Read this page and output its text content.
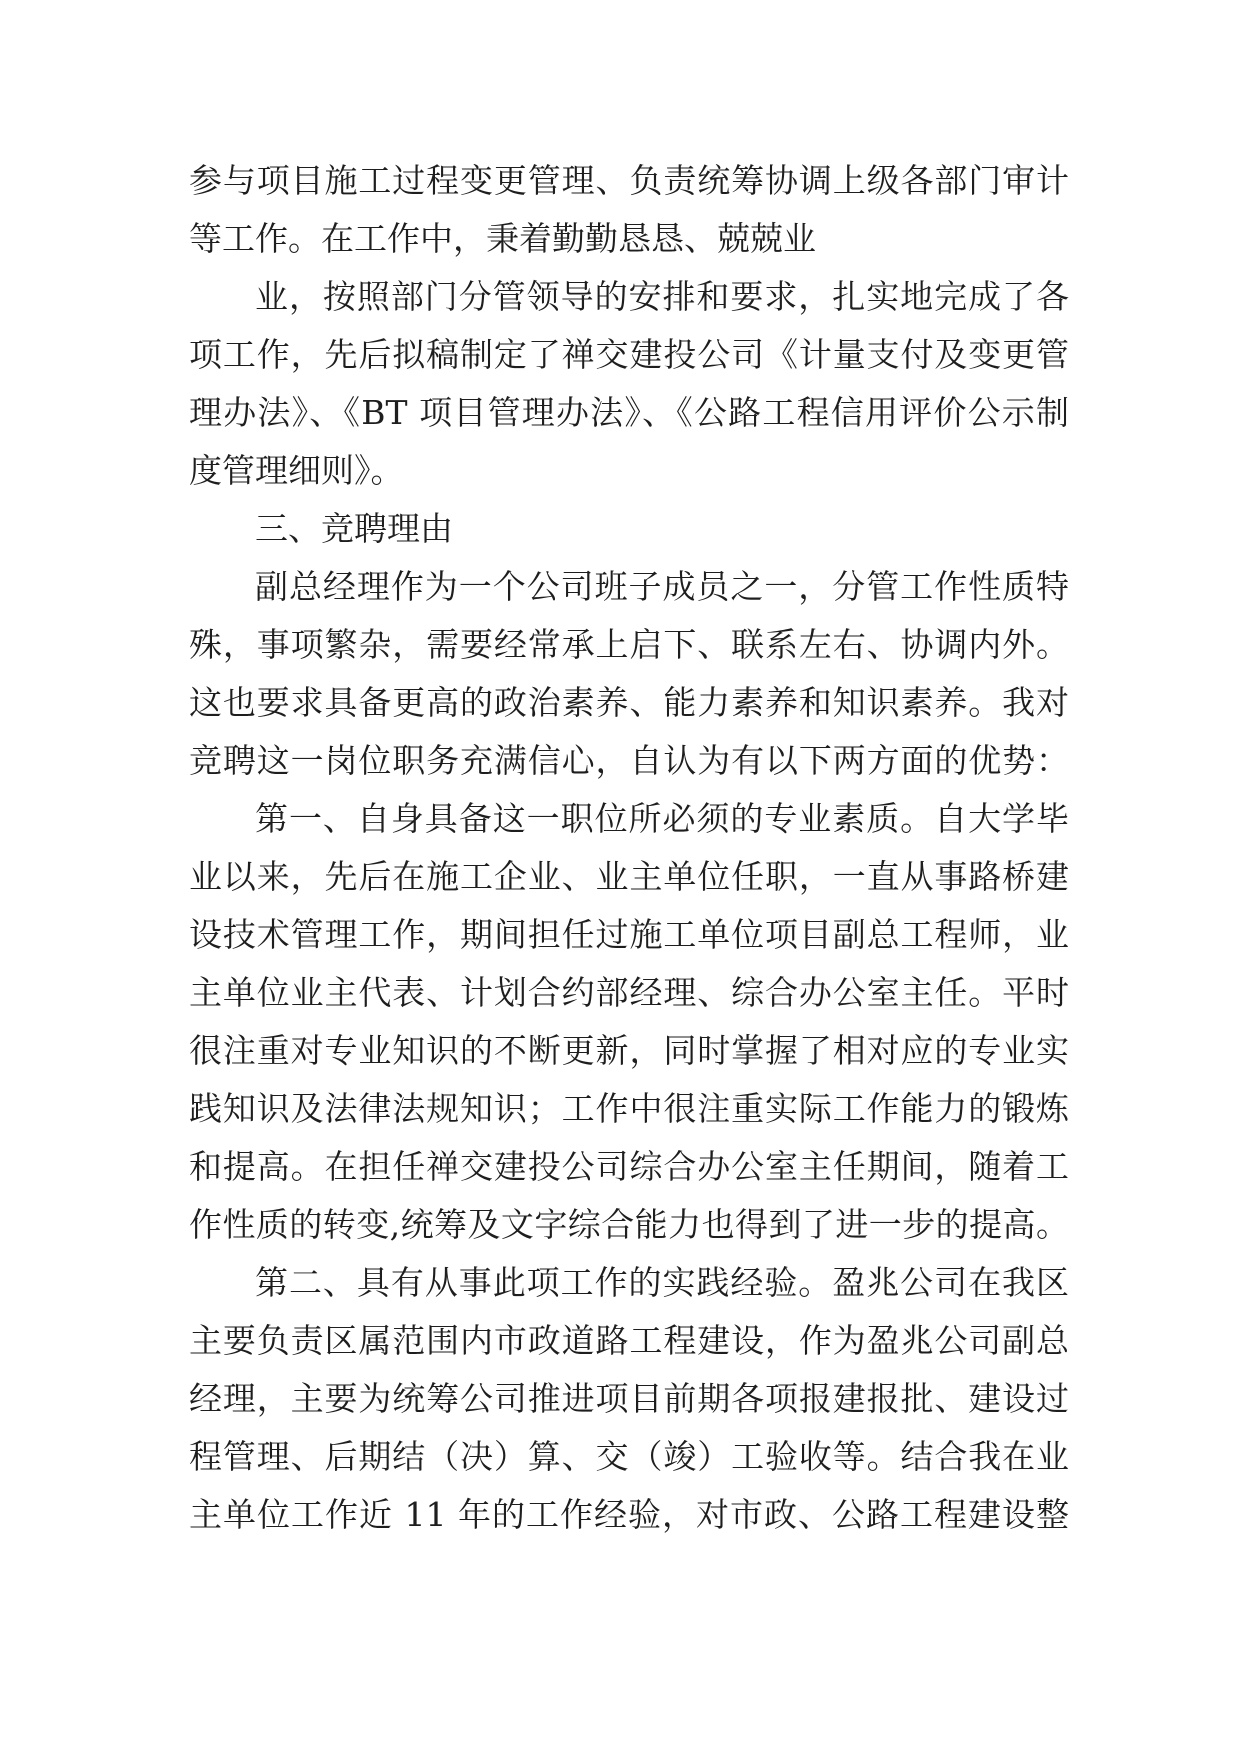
参与项目施工过程变更管理、负责统筹协调上级各部门审计
等工作。在工作中，秉着勤勤恳恳、兢兢业
业，按照部门分管领导的安排和要求，扎实地完成了各
项工作，先后拟稿制定了禅交建投公司《计量支付及变更管
理办法》、《BT 项目管理办法》、《公路工程信用评价公示制
度管理细则》。
三、竞聘理由
副总经理作为一个公司班子成员之一，分管工作性质特
殊，事项繁杂，需要经常承上启下、联系左右、协调内外。
这也要求具备更高的政治素养、能力素养和知识素养。我对
竞聘这一岗位职务充满信心，自认为有以下两方面的优势：
第一、自身具备这一职位所必须的专业素质。自大学毕
业以来，先后在施工企业、业主单位任职，一直从事路桥建
设技术管理工作，期间担任过施工单位项目副总工程师，业
主单位业主代表、计划合约部经理、综合办公室主任。平时
很注重对专业知识的不断更新，同时掌握了相对应的专业实
践知识及法律法规知识；工作中很注重实际工作能力的锻炼
和提高。在担任禅交建投公司综合办公室主任期间，随着工
作性质的转变,统筹及文字综合能力也得到了进一步的提高。
第二、具有从事此项工作的实践经验。盈兆公司在我区
主要负责区属范围内市政道路工程建设，作为盈兆公司副总
经理，主要为统筹公司推进项目前期各项报建报批、建设过
程管理、后期结（决）算、交（竣）工验收等。结合我在业
主单位工作近 11 年的工作经验，对市政、公路工程建设整
